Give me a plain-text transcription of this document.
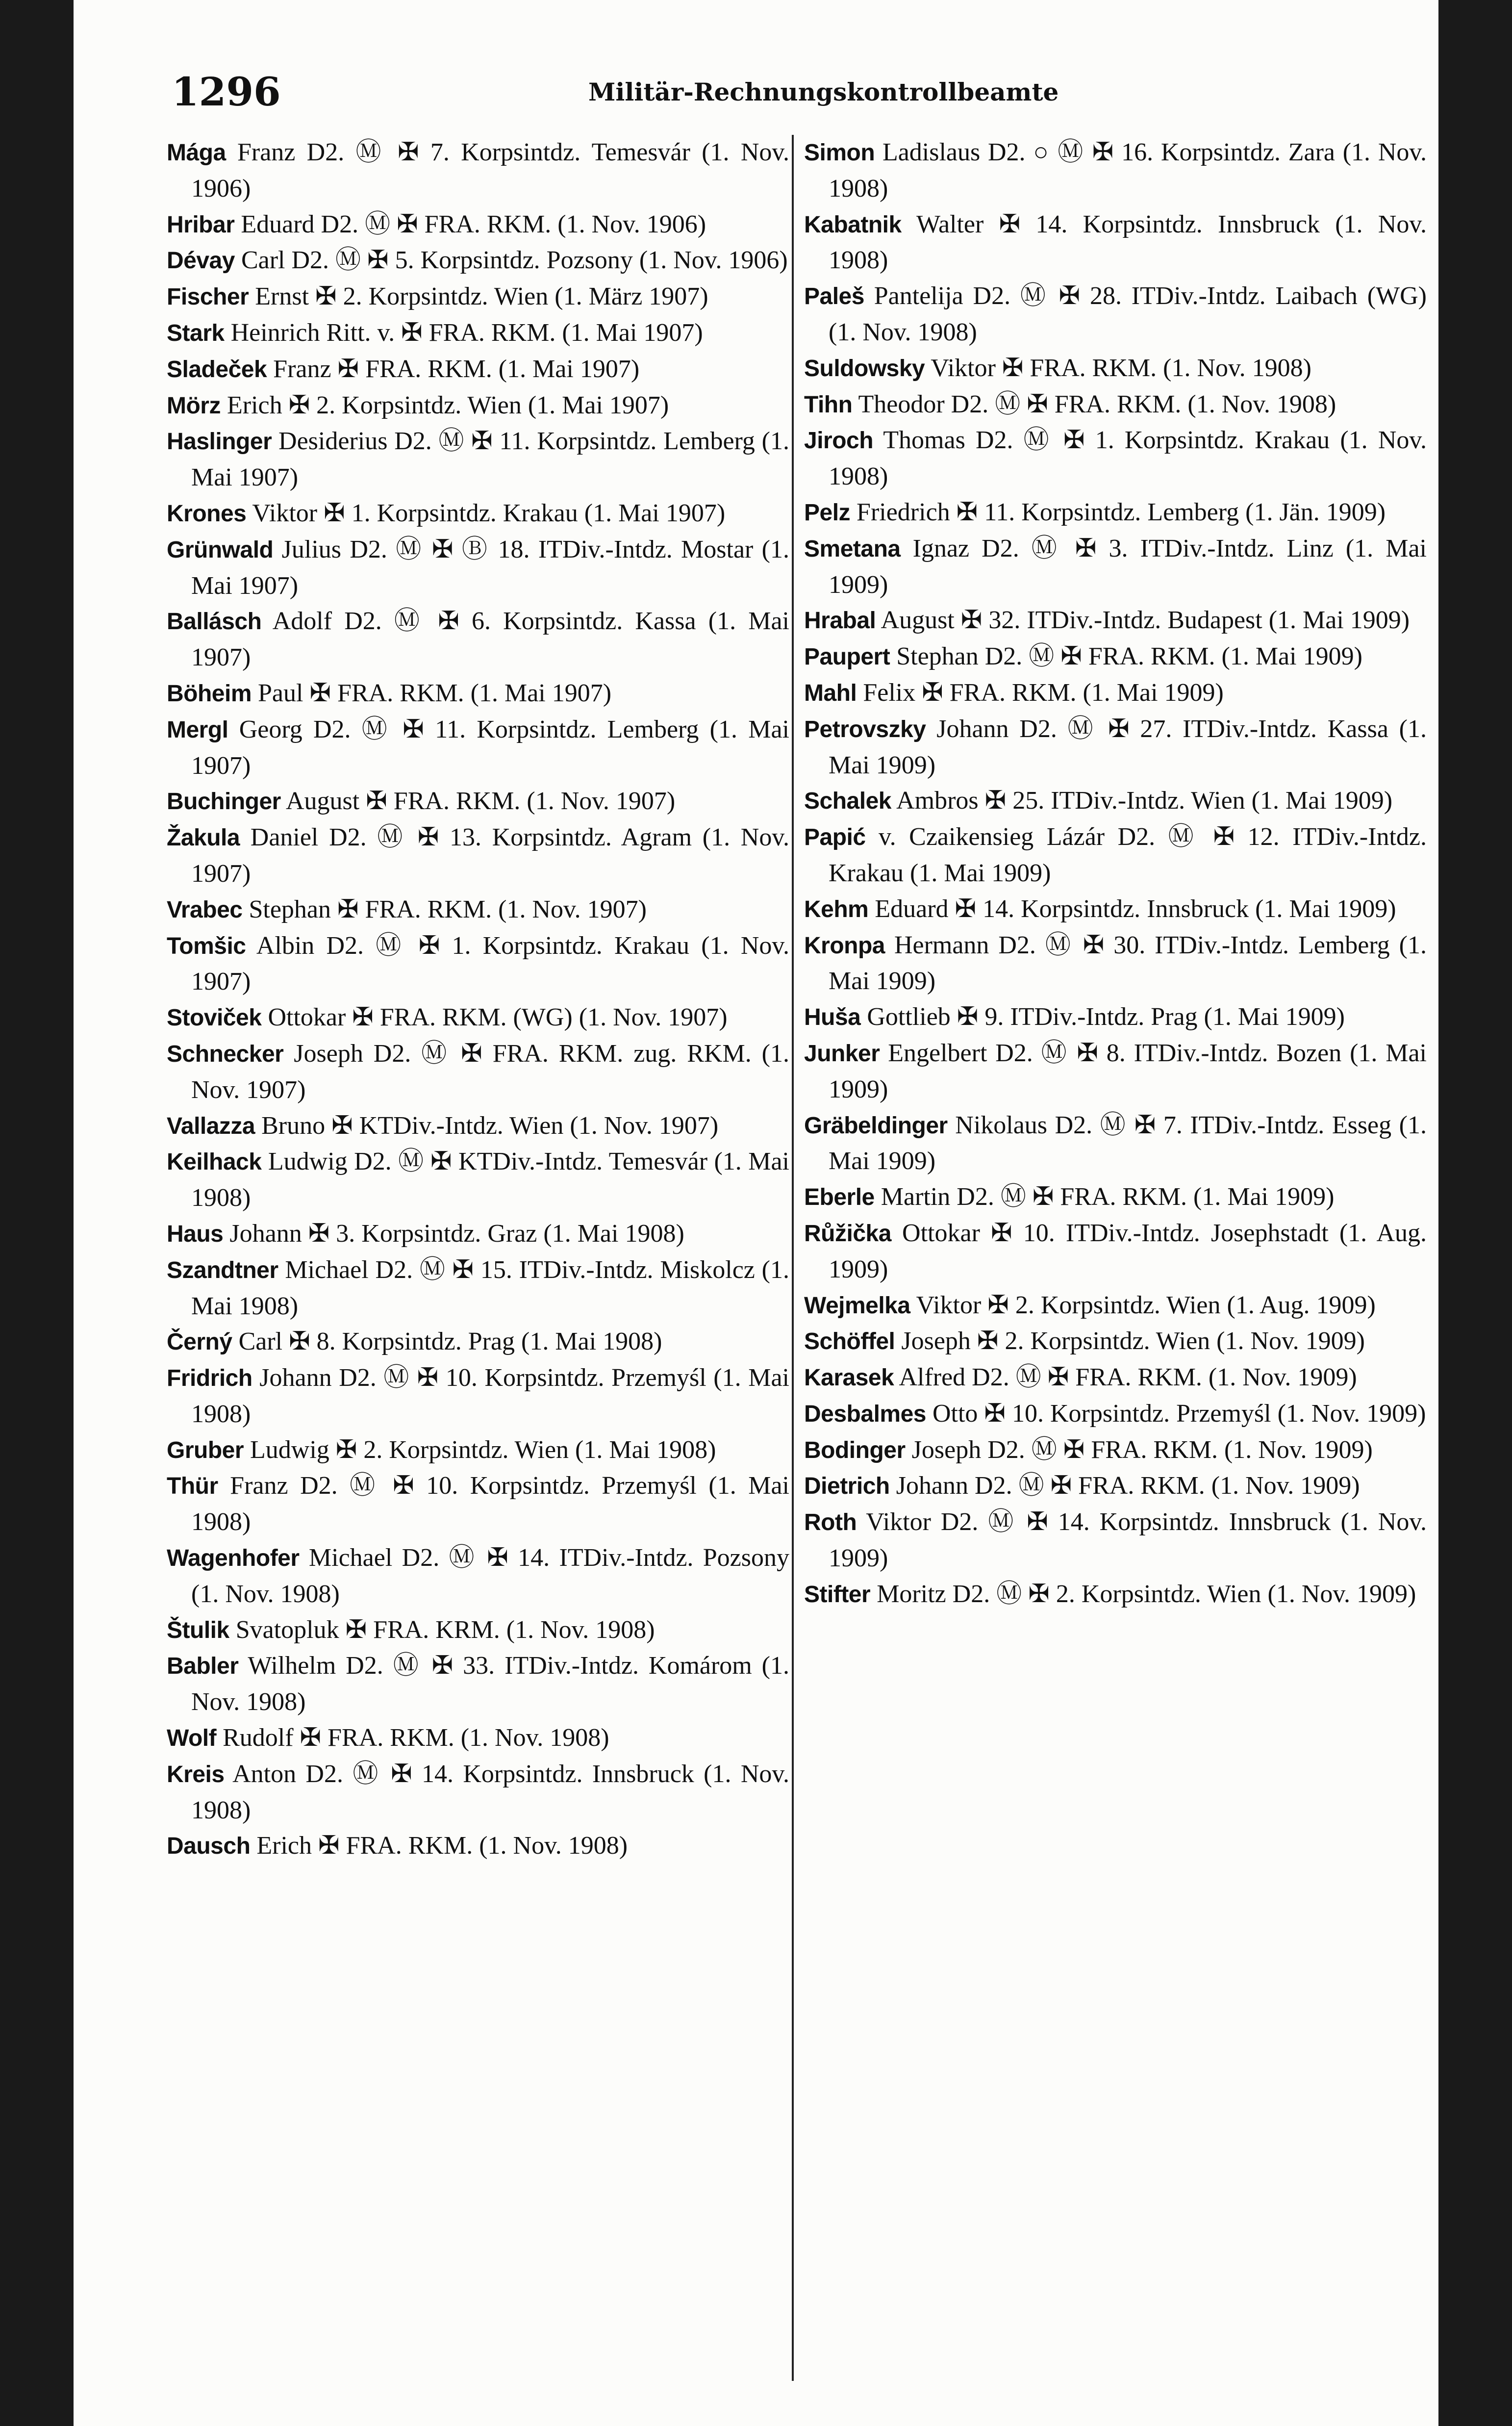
1296	Militär-Rechnungskontrollbeamte

Mága Franz D2. Ⓜ ✠ 7. Korpsintdz. Temesvár (1. Nov. 1906)

Hribar Eduard D2. Ⓜ ✠ FRA. RKM. (1. Nov. 1906)

Dévay Carl D2. Ⓜ ✠ 5. Korpsintdz. Pozsony (1. Nov. 1906)

Fischer Ernst ✠ 2. Korpsintdz. Wien (1. März 1907)

Stark Heinrich Ritt. v. ✠ FRA. RKM. (1. Mai 1907)

Sladeček Franz ✠ FRA. RKM. (1. Mai 1907)

Mörz Erich ✠ 2. Korpsintdz. Wien (1. Mai 1907)

Haslinger Desiderius D2. Ⓜ ✠ 11. Korpsintdz. Lemberg (1. Mai 1907)

Krones Viktor ✠ 1. Korpsintdz. Krakau (1. Mai 1907)

Grünwald Julius D2. Ⓜ ✠ Ⓑ 18. ITDiv.-Intdz. Mostar (1. Mai 1907)

Ballásch Adolf D2. Ⓜ ✠ 6. Korpsintdz. Kassa (1. Mai 1907)

Böheim Paul ✠ FRA. RKM. (1. Mai 1907)

Mergl Georg D2. Ⓜ ✠ 11. Korpsintdz. Lemberg (1. Mai 1907)

Buchinger August ✠ FRA. RKM. (1. Nov. 1907)

Žakula Daniel D2. Ⓜ ✠ 13. Korpsintdz. Agram (1. Nov. 1907)

Vrabec Stephan ✠ FRA. RKM. (1. Nov. 1907)

Tomšic Albin D2. Ⓜ ✠ 1. Korpsintdz. Krakau (1. Nov. 1907)

Stoviček Ottokar ✠ FRA. RKM. (WG) (1. Nov. 1907)

Schnecker Joseph D2. Ⓜ ✠ FRA. RKM. zug. RKM. (1. Nov. 1907)

Vallazza Bruno ✠ KTDiv.-Intdz. Wien (1. Nov. 1907)

Keilhack Ludwig D2. Ⓜ ✠ KTDiv.-Intdz. Temesvár (1. Mai 1908)

Haus Johann ✠ 3. Korpsintdz. Graz (1. Mai 1908)

Szandtner Michael D2. Ⓜ ✠ 15. ITDiv.-Intdz. Miskolcz (1. Mai 1908)

Černý Carl ✠ 8. Korpsintdz. Prag (1. Mai 1908)

Fridrich Johann D2. Ⓜ ✠ 10. Korpsintdz. Przemyśl (1. Mai 1908)

Gruber Ludwig ✠ 2. Korpsintdz. Wien (1. Mai 1908)

Thür Franz D2. Ⓜ ✠ 10. Korpsintdz. Przemyśl (1. Mai 1908)

Wagenhofer Michael D2. Ⓜ ✠ 14. ITDiv.-Intdz. Pozsony (1. Nov. 1908)

Štulik Svatopluk ✠ FRA. KRM. (1. Nov. 1908)

Babler Wilhelm D2. Ⓜ ✠ 33. ITDiv.-Intdz. Komárom (1. Nov. 1908)

Wolf Rudolf ✠ FRA. RKM. (1. Nov. 1908)

Kreis Anton D2. Ⓜ ✠ 14. Korpsintdz. Innsbruck (1. Nov. 1908)

Dausch Erich ✠ FRA. RKM. (1. Nov. 1908)

Simon Ladislaus D2. ○ Ⓜ ✠ 16. Korpsintdz. Zara (1. Nov. 1908)

Kabatnik Walter ✠ 14. Korpsintdz. Innsbruck (1. Nov. 1908)

Paleš Pantelija D2. Ⓜ ✠ 28. ITDiv.-Intdz. Laibach (WG) (1. Nov. 1908)

Suldowsky Viktor ✠ FRA. RKM. (1. Nov. 1908)

Tihn Theodor D2. Ⓜ ✠ FRA. RKM. (1. Nov. 1908)

Jiroch Thomas D2. Ⓜ ✠ 1. Korpsintdz. Krakau (1. Nov. 1908)

Pelz Friedrich ✠ 11. Korpsintdz. Lemberg (1. Jän. 1909)

Smetana Ignaz D2. Ⓜ ✠ 3. ITDiv.-Intdz. Linz (1. Mai 1909)

Hrabal August ✠ 32. ITDiv.-Intdz. Budapest (1. Mai 1909)

Paupert Stephan D2. Ⓜ ✠ FRA. RKM. (1. Mai 1909)

Mahl Felix ✠ FRA. RKM. (1. Mai 1909)

Petrovszky Johann D2. Ⓜ ✠ 27. ITDiv.-Intdz. Kassa (1. Mai 1909)

Schalek Ambros ✠ 25. ITDiv.-Intdz. Wien (1. Mai 1909)

Papić v. Czaikensieg Lázár D2. Ⓜ ✠ 12. ITDiv.-Intdz. Krakau (1. Mai 1909)

Kehm Eduard ✠ 14. Korpsintdz. Innsbruck (1. Mai 1909)

Kronpa Hermann D2. Ⓜ ✠ 30. ITDiv.-Intdz. Lemberg (1. Mai 1909)

Huša Gottlieb ✠ 9. ITDiv.-Intdz. Prag (1. Mai 1909)

Junker Engelbert D2. Ⓜ ✠ 8. ITDiv.-Intdz. Bozen (1. Mai 1909)

Gräbeldinger Nikolaus D2. Ⓜ ✠ 7. ITDiv.-Intdz. Esseg (1. Mai 1909)

Eberle Martin D2. Ⓜ ✠ FRA. RKM. (1. Mai 1909)

Růžička Ottokar ✠ 10. ITDiv.-Intdz. Josephstadt (1. Aug. 1909)

Wejmelka Viktor ✠ 2. Korpsintdz. Wien (1. Aug. 1909)

Schöffel Joseph ✠ 2. Korpsintdz. Wien (1. Nov. 1909)

Karasek Alfred D2. Ⓜ ✠ FRA. RKM. (1. Nov. 1909)

Desbalmes Otto ✠ 10. Korpsintdz. Przemyśl (1. Nov. 1909)

Bodinger Joseph D2. Ⓜ ✠ FRA. RKM. (1. Nov. 1909)

Dietrich Johann D2. Ⓜ ✠ FRA. RKM. (1. Nov. 1909)

Roth Viktor D2. Ⓜ ✠ 14. Korpsintdz. Innsbruck (1. Nov. 1909)

Stifter Moritz D2. Ⓜ ✠ 2. Korpsintdz. Wien (1. Nov. 1909)
